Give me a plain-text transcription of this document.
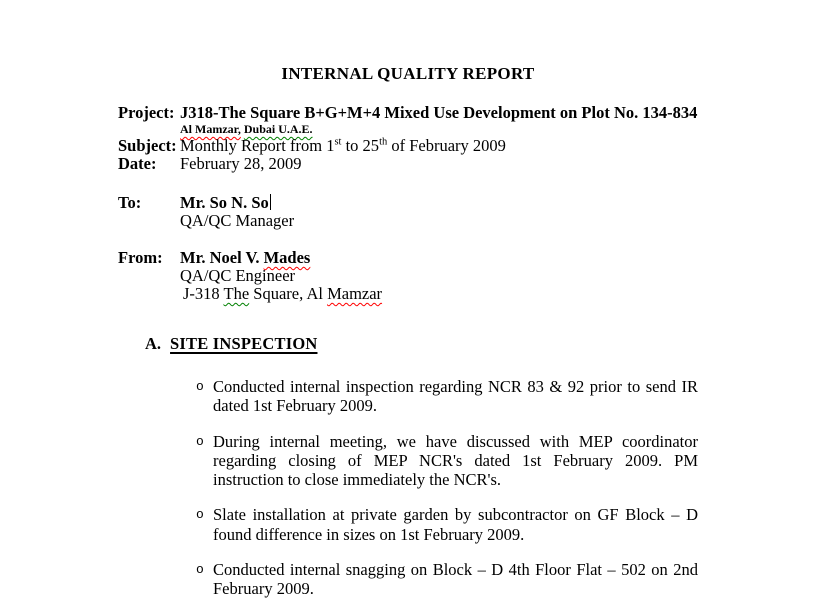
INTERNAL QUALITY REPORT
Project: J318-The Square B+G+M+4 Mixed Use Development on Plot No. 134-834
Al Mamzar, Dubai U.A.E.
Subject: Monthly Report from 1st to 25th of February 2009
Date: February 28, 2009
To: Mr. So N. So
QA/QC Manager
From: Mr. Noel V. Mades
QA/QC Engineer
J-318 The Square, Al Mamzar
A. SITE INSPECTION
o Conducted internal inspection regarding NCR 83 & 92 prior to send IR dated 1st February 2009.
o During internal meeting, we have discussed with MEP coordinator regarding closing of MEP NCR's dated 1st February 2009. PM instruction to close immediately the NCR's.
o Slate installation at private garden by subcontractor on GF Block – D found difference in sizes on 1st February 2009.
o Conducted internal snagging on Block – D 4th Floor Flat – 502 on 2nd February 2009.
